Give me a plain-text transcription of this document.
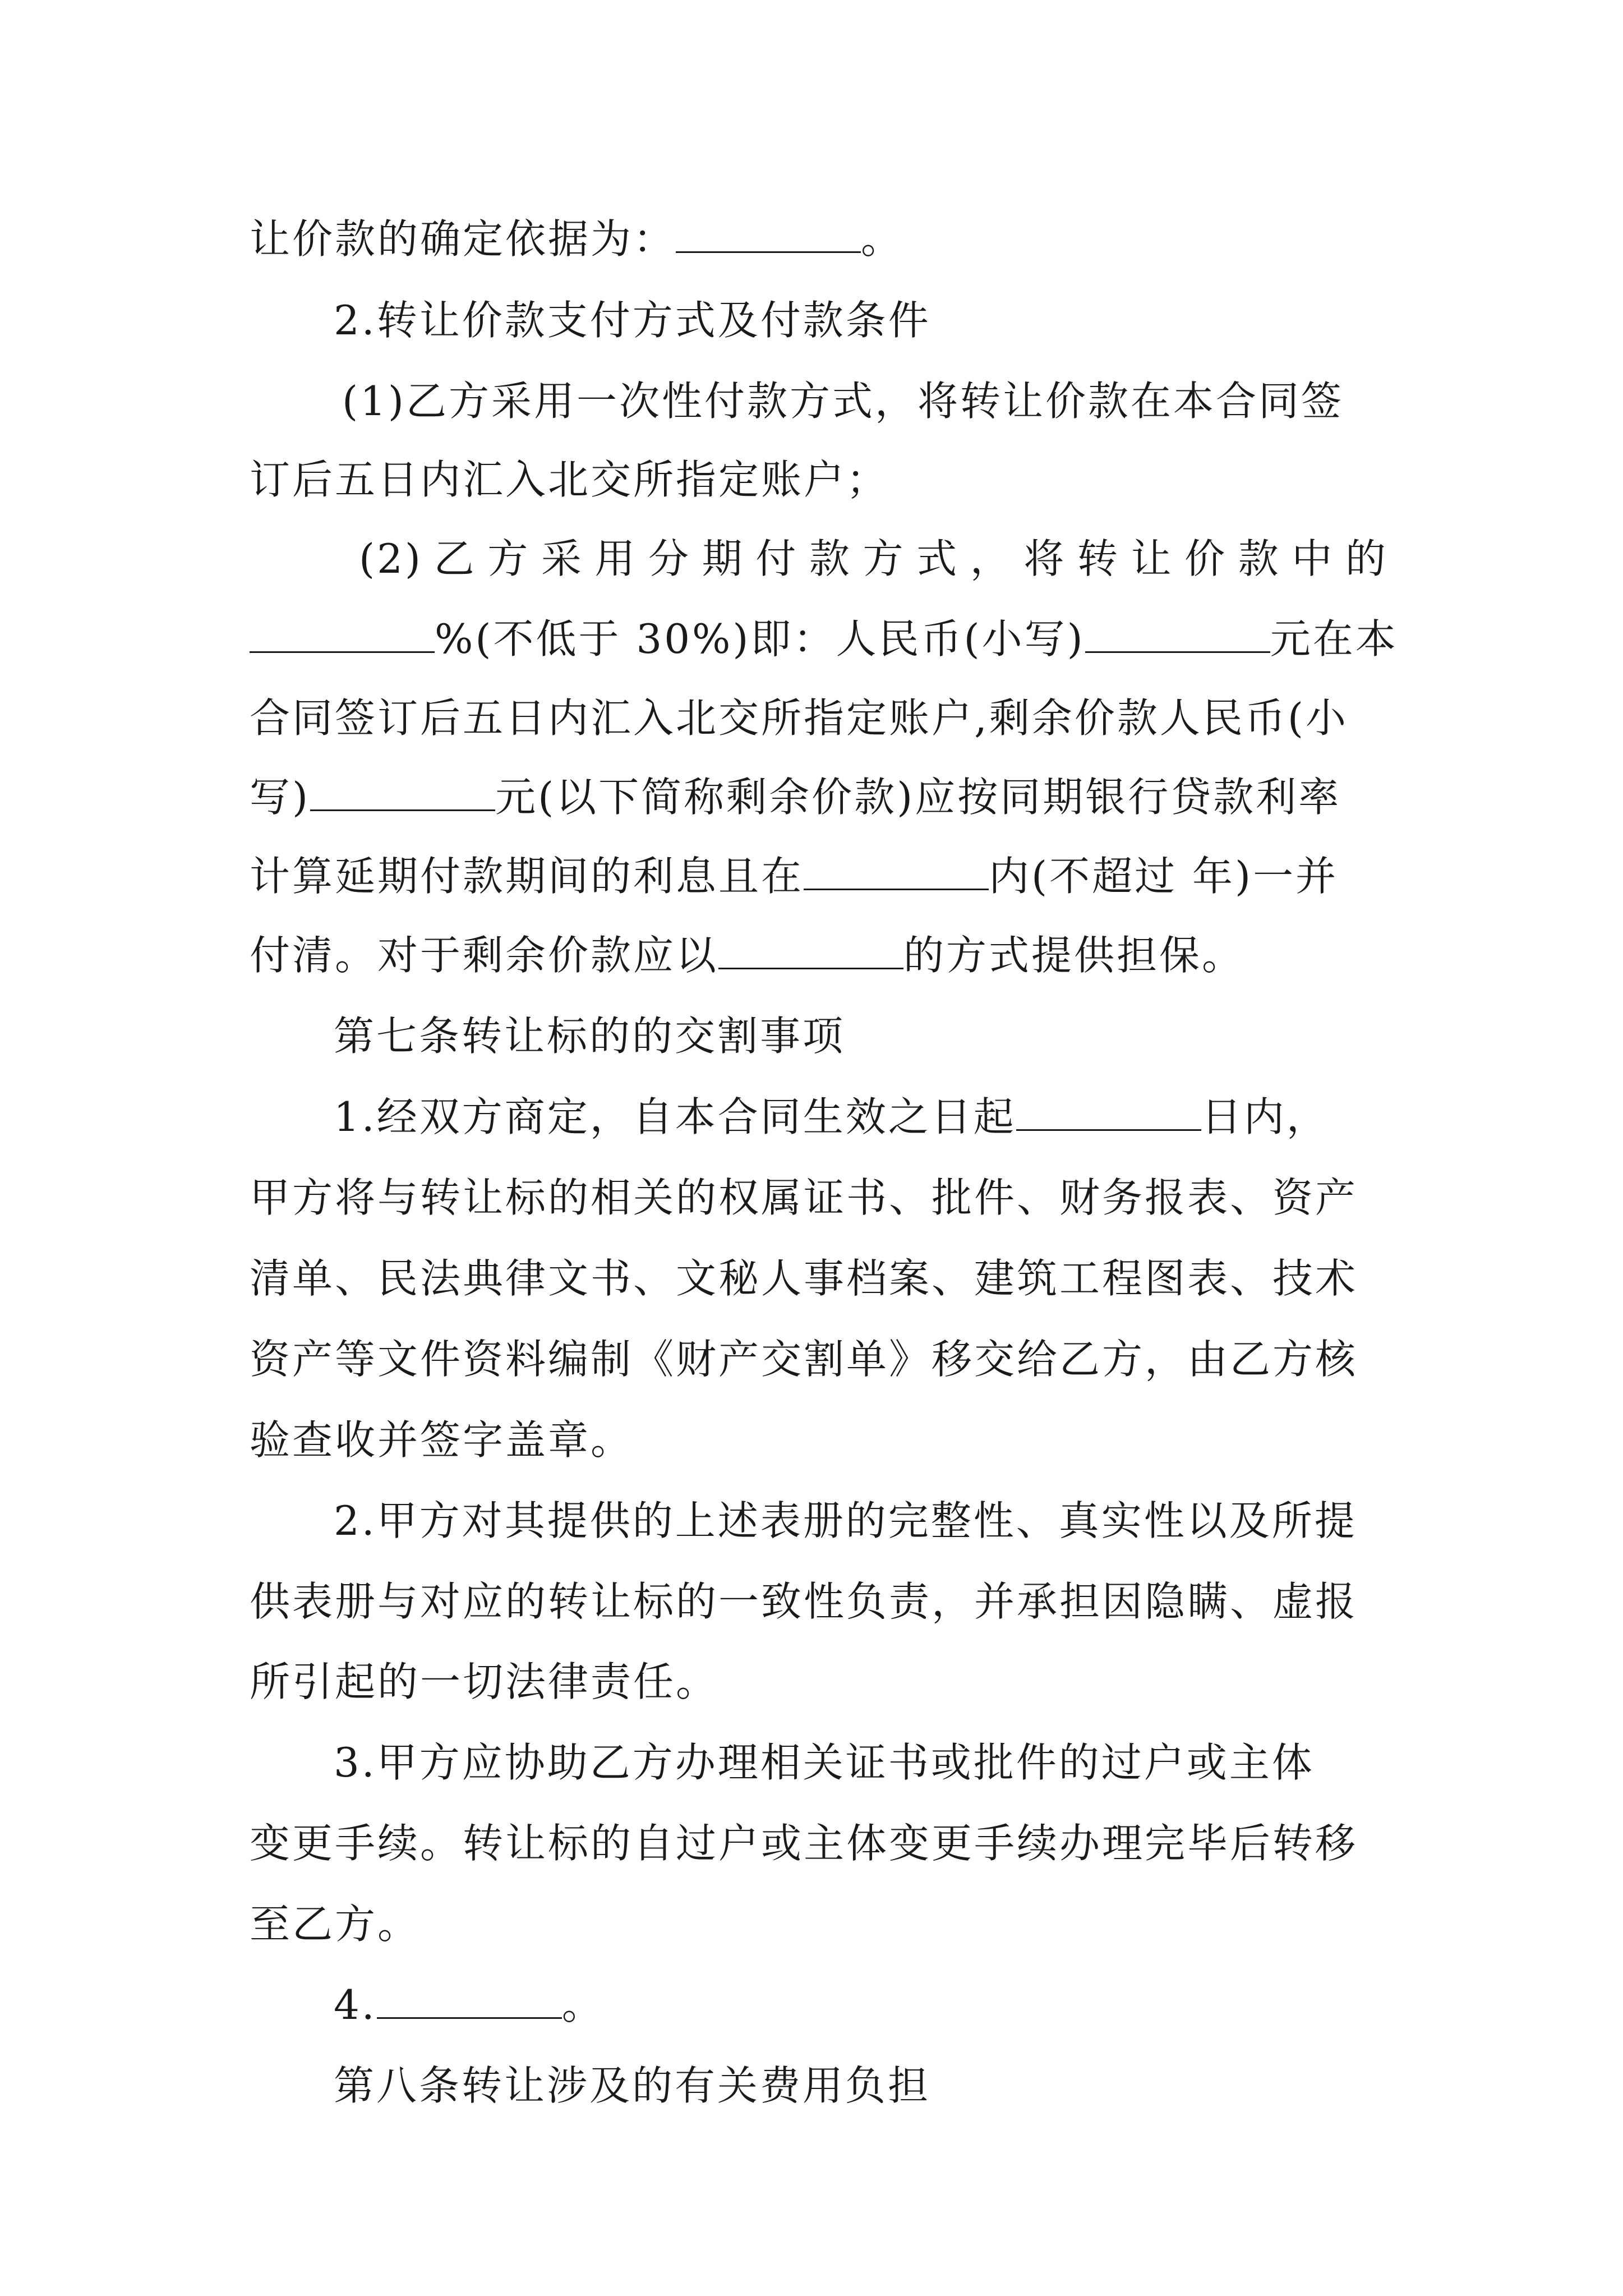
让价款的确定依据为：	。
2.转让价款支付方式及付款条件
(1)乙方采用一次性付款方式，将转让价款在本合同签
订后五日内汇入北交所指定账户；
(2) 乙 方 采 用 分 期 付 款 方 式 ， 将 转 让 价 款 中 的
%(不低于 30%)即：人民币(小写)	元在本
合同签订后五日内汇入北交所指定账户,剩余价款人民币(小
写)	元(以下简称剩余价款)应按同期银行贷款利率
计算延期付款期间的利息且在	内(不超过 年)一并
付清。对于剩余价款应以	的方式提供担保。
第七条转让标的的交割事项
1.经双方商定，自本合同生效之日起	日内，
甲方将与转让标的相关的权属证书、批件、财务报表、资产
清单、民法典律文书、文秘人事档案、建筑工程图表、技术
资产等文件资料编制《财产交割单》移交给乙方，由乙方核
验查收并签字盖章。
2.甲方对其提供的上述表册的完整性、真实性以及所提
供表册与对应的转让标的一致性负责，并承担因隐瞒、虚报
所引起的一切法律责任。
3.甲方应协助乙方办理相关证书或批件的过户或主体
变更手续。转让标的自过户或主体变更手续办理完毕后转移
至乙方。
4.	。
第八条转让涉及的有关费用负担
